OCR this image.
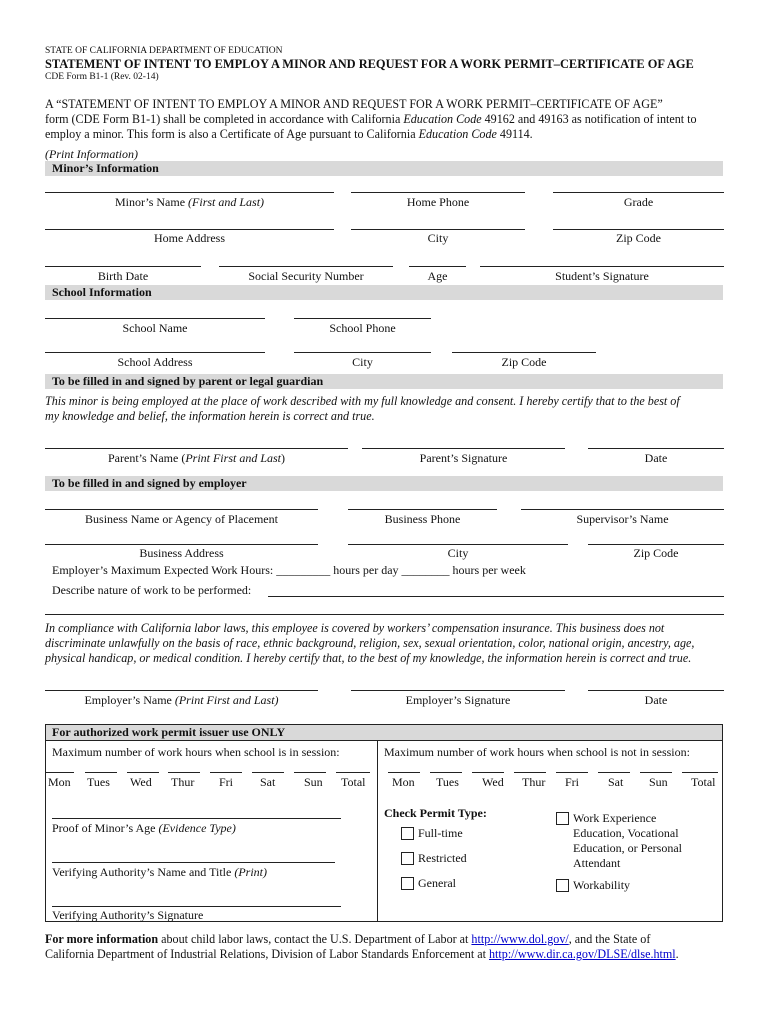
STATE OF CALIFORNIA DEPARTMENT OF EDUCATION
STATEMENT OF INTENT TO EMPLOY A MINOR AND REQUEST FOR A WORK PERMIT–CERTIFICATE OF AGE
CDE Form B1-1 (Rev. 02-14)
A “STATEMENT OF INTENT TO EMPLOY A MINOR AND REQUEST FOR A WORK PERMIT–CERTIFICATE OF AGE”
form (CDE Form B1-1) shall be completed in accordance with California Education Code 49162 and 49163 as notification of intent to
employ a minor. This form is also a Certificate of Age pursuant to California Education Code 49114.
(Print Information)
Minor’s Information
Minor’s Name (First and Last)	Home Phone	Grade
Home Address	City	Zip Code
Birth Date	Social Security Number	Age	Student’s Signature
School Information
School Name	School Phone
School Address	City	Zip Code
To be filled in and signed by parent or legal guardian
This minor is being employed at the place of work described with my full knowledge and consent. I hereby certify that to the best of
my knowledge and belief, the information herein is correct and true.
Parent’s Name (Print First and Last)	Parent’s Signature	Date
To be filled in and signed by employer
Business Name or Agency of Placement	Business Phone	Supervisor’s Name
Business Address	City	Zip Code
Employer’s Maximum Expected Work Hours: _________ hours per day ________ hours per week
Describe nature of work to be performed:
In compliance with California labor laws, this employee is covered by workers’ compensation insurance. This business does not
discriminate unlawfully on the basis of race, ethnic background, religion, sex, sexual orientation, color, national origin, ancestry, age,
physical handicap, or medical condition. I hereby certify that, to the best of my knowledge, the information herein is correct and true.
Employer’s Name (Print First and Last)	Employer’s Signature	Date
For authorized work permit issuer use ONLY
Maximum number of work hours when school is in session:	Maximum number of work hours when school is not in session:
Mon Tues Wed Thur Fri Sat Sun Total Mon Tues Wed Thur Fri Sat Sun Total
Proof of Minor’s Age (Evidence Type)
Verifying Authority’s Name and Title (Print)
Verifying Authority’s Signature
Check Permit Type:
Full-time
Restricted
General
Work Experience
Education, Vocational
Education, or Personal
Attendant
Workability
For more information about child labor laws, contact the U.S. Department of Labor at http://www.dol.gov/, and the State of
California Department of Industrial Relations, Division of Labor Standards Enforcement at http://www.dir.ca.gov/DLSE/dlse.html.
